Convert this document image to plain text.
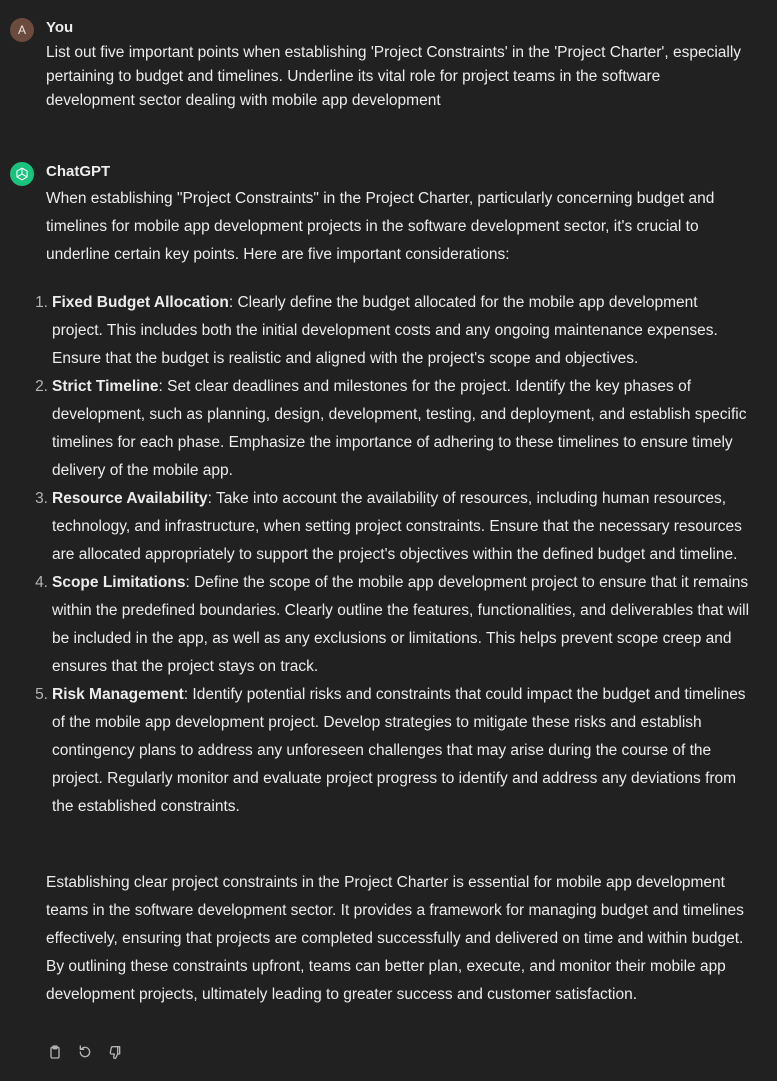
A You
List out five important points when establishing 'Project Constraints' in the 'Project Charter', especially pertaining to budget and timelines. Underline its vital role for project teams in the software development sector dealing with mobile app development
ChatGPT
When establishing "Project Constraints" in the Project Charter, particularly concerning budget and timelines for mobile app development projects in the software development sector, it's crucial to underline certain key points. Here are five important considerations:
1. Fixed Budget Allocation: Clearly define the budget allocated for the mobile app development project. This includes both the initial development costs and any ongoing maintenance expenses. Ensure that the budget is realistic and aligned with the project's scope and objectives.
2. Strict Timeline: Set clear deadlines and milestones for the project. Identify the key phases of development, such as planning, design, development, testing, and deployment, and establish specific timelines for each phase. Emphasize the importance of adhering to these timelines to ensure timely delivery of the mobile app.
3. Resource Availability: Take into account the availability of resources, including human resources, technology, and infrastructure, when setting project constraints. Ensure that the necessary resources are allocated appropriately to support the project's objectives within the defined budget and timeline.
4. Scope Limitations: Define the scope of the mobile app development project to ensure that it remains within the predefined boundaries. Clearly outline the features, functionalities, and deliverables that will be included in the app, as well as any exclusions or limitations. This helps prevent scope creep and ensures that the project stays on track.
5. Risk Management: Identify potential risks and constraints that could impact the budget and timelines of the mobile app development project. Develop strategies to mitigate these risks and establish contingency plans to address any unforeseen challenges that may arise during the course of the project. Regularly monitor and evaluate project progress to identify and address any deviations from the established constraints.
Establishing clear project constraints in the Project Charter is essential for mobile app development teams in the software development sector. It provides a framework for managing budget and timelines effectively, ensuring that projects are completed successfully and delivered on time and within budget. By outlining these constraints upfront, teams can better plan, execute, and monitor their mobile app development projects, ultimately leading to greater success and customer satisfaction.
